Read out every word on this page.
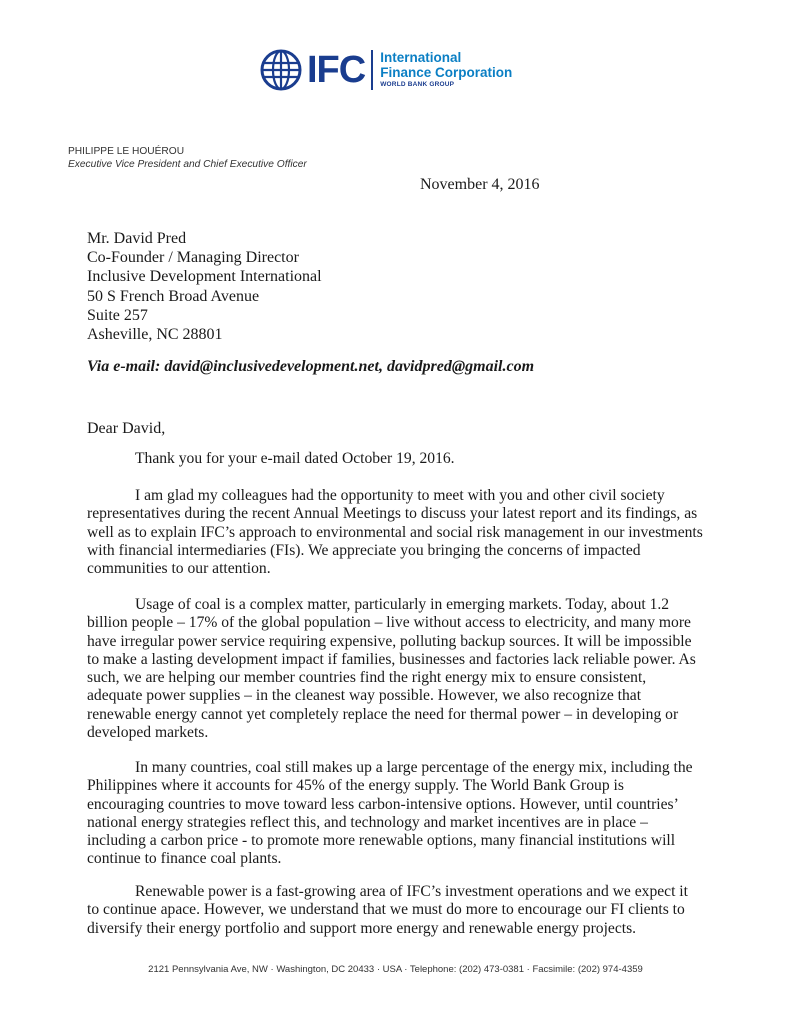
IFC International
Finance Corporation
WORLD BANK GROUP
PHILIPPE LE HOUÉROU
Executive Vice President and Chief Executive Officer
November 4, 2016
Mr. David Pred
Co-Founder / Managing Director
Inclusive Development International
50 S French Broad Avenue
Suite 257
Asheville, NC 28801
Via e-mail: david@inclusivedevelopment.net, davidpred@gmail.com
Dear David,

Thank you for your e-mail dated October 19, 2016.

I am glad my colleagues had the opportunity to meet with you and other civil society representatives during the recent Annual Meetings to discuss your latest report and its findings, as well as to explain IFC’s approach to environmental and social risk management in our investments with financial intermediaries (FIs). We appreciate you bringing the concerns of impacted communities to our attention.

Usage of coal is a complex matter, particularly in emerging markets. Today, about 1.2 billion people – 17% of the global population – live without access to electricity, and many more have irregular power service requiring expensive, polluting backup sources. It will be impossible to make a lasting development impact if families, businesses and factories lack reliable power. As such, we are helping our member countries find the right energy mix to ensure consistent, adequate power supplies – in the cleanest way possible. However, we also recognize that renewable energy cannot yet completely replace the need for thermal power – in developing or developed markets.

In many countries, coal still makes up a large percentage of the energy mix, including the Philippines where it accounts for 45% of the energy supply. The World Bank Group is encouraging countries to move toward less carbon-intensive options. However, until countries’ national energy strategies reflect this, and technology and market incentives are in place – including a carbon price - to promote more renewable options, many financial institutions will continue to finance coal plants.

Renewable power is a fast-growing area of IFC’s investment operations and we expect it to continue apace. However, we understand that we must do more to encourage our FI clients to diversify their energy portfolio and support more energy and renewable energy projects.

2121 Pennsylvania Ave, NW · Washington, DC 20433 · USA · Telephone: (202) 473-0381 · Facsimile: (202) 974-4359
